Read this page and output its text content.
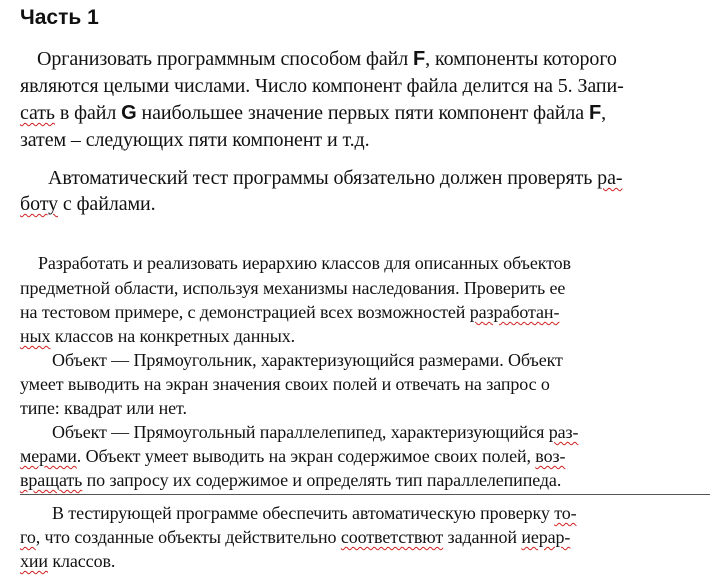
Часть 1
Организовать программным способом файл F, компоненты которого
являются целыми числами. Число компонент файла делится на 5. Запи-
сать в файл G наибольшее значение первых пяти компонент файла F,
затем – следующих пяти компонент и т.д.
Автоматический тест программы обязательно должен проверять ра-
боту с файлами.
Разработать и реализовать иерархию классов для описанных объектов
предметной области, используя механизмы наследования. Проверить ее
на тестовом примере, с демонстрацией всех возможностей разработан-
ных классов на конкретных данных.
Объект — Прямоугольник, характеризующийся размерами. Объект
умеет выводить на экран значения своих полей и отвечать на запрос о
типе: квадрат или нет.
Объект — Прямоугольный параллелепипед, характеризующийся раз-
мерами. Объект умеет выводить на экран содержимое своих полей, воз-
вращать по запросу их содержимое и определять тип параллелепипеда.
В тестирующей программе обеспечить автоматическую проверку то-
го, что созданные объекты действительно соответствют заданной иерар-
хии классов.
